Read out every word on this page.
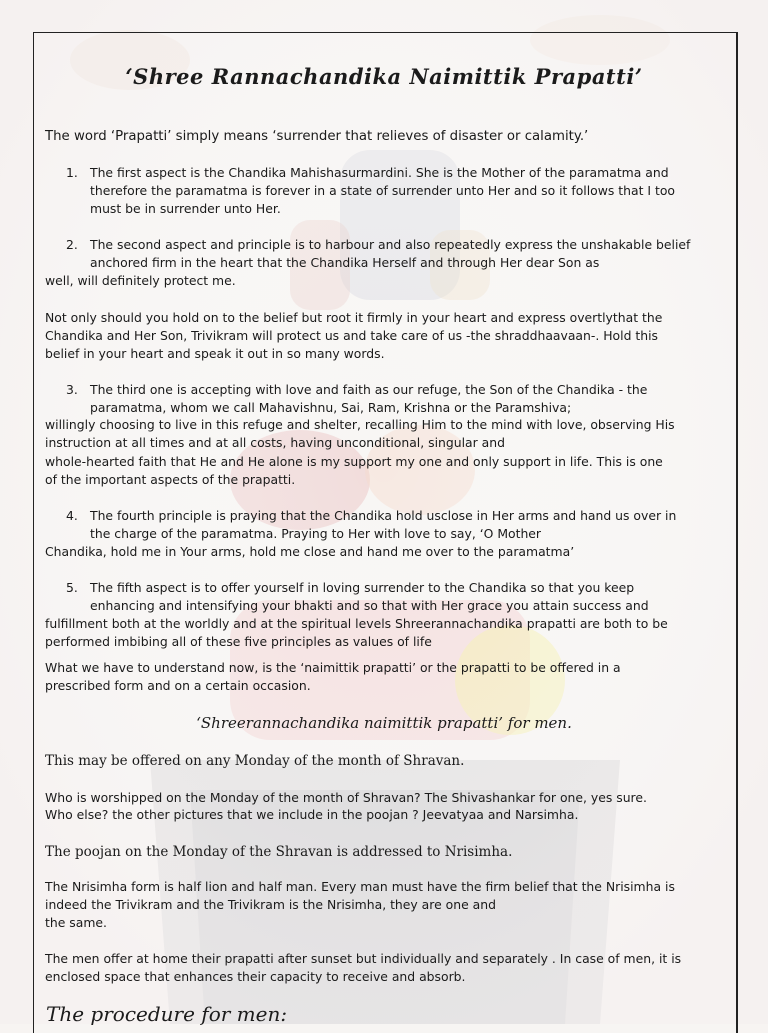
‘Shree Rannachandika Naimittik Prapatti’

The word ‘Prapatti’ simply means ‘surrender that relieves of disaster or calamity.’

1. The first aspect is the Chandika Mahishasurmardini. She is the Mother of the paramatma and

therefore the paramatma is forever in a state of surrender unto Her and so it follows that I too

must be in surrender unto Her.

2. The second aspect and principle is to harbour and also repeatedly express the unshakable belief

anchored firm in the heart that the Chandika Herself and through Her dear Son as

well, will definitely protect me.

Not only should you hold on to the belief but root it firmly in your heart and express overtlythat the

Chandika and Her Son, Trivikram will protect us and take care of us -the shraddhaavaan-. Hold this

belief in your heart and speak it out in so many words.

3. The third one is accepting with love and faith as our refuge, the Son of the Chandika - the

paramatma, whom we call Mahavishnu, Sai, Ram, Krishna or the Paramshiva;

willingly choosing to live in this refuge and shelter, recalling Him to the mind with love, observing His

instruction at all times and at all costs, having unconditional, singular and

whole-hearted faith that He and He alone is my support my one and only support in life. This is one

of the important aspects of the prapatti.

4. The fourth principle is praying that the Chandika hold usclose in Her arms and hand us over in

the charge of the paramatma. Praying to Her with love to say, ‘O Mother

Chandika, hold me in Your arms, hold me close and hand me over to the paramatma’

5. The fifth aspect is to offer yourself in loving surrender to the Chandika so that you keep

enhancing and intensifying your bhakti and so that with Her grace you attain success and

fulfillment both at the worldly and at the spiritual levels Shreerannachandika prapatti are both to be

performed imbibing all of these five principles as values of life

What we have to understand now, is the ‘naimittik prapatti’ or the prapatti to be offered in a

prescribed form and on a certain occasion.

‘Shreerannachandika naimittik prapatti’ for men.

This may be offered on any Monday of the month of Shravan.

Who is worshipped on the Monday of the month of Shravan? The Shivashankar for one, yes sure.

Who else? the other pictures that we include in the poojan ? Jeevatyaa and Narsimha.

The poojan on the Monday of the Shravan is addressed to Nrisimha.

The Nrisimha form is half lion and half man. Every man must have the firm belief that the Nrisimha is

indeed the Trivikram and the Trivikram is the Nrisimha, they are one and

the same.

The men offer at home their prapatti after sunset but individually and separately . In case of men, it is

enclosed space that enhances their capacity to receive and absorb.

The procedure for men:
